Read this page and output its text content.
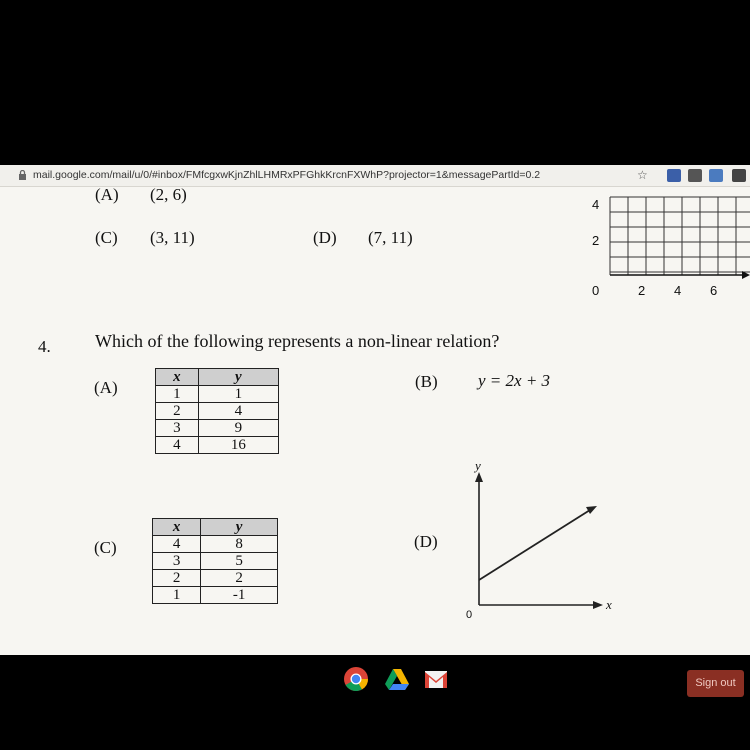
mail.google.com/mail/u/0/#inbox/FMfcgxwKjnZhlLHMRxPFGhkKrcnFXWhP?projector=1&messagePartId=0.2	☆
(A) (2, 6)
(C) (3, 11)	(D) (7, 11)
4
2
0	2 4 6
4. Which of the following represents a non-linear relation?
(A)
x	y
1	1
2	4
3	9
4	16
(B) y = 2x + 3
(C)
x	y
4	8
3	5
2	2
1	-1
(D)
y
x
0
Sign out
